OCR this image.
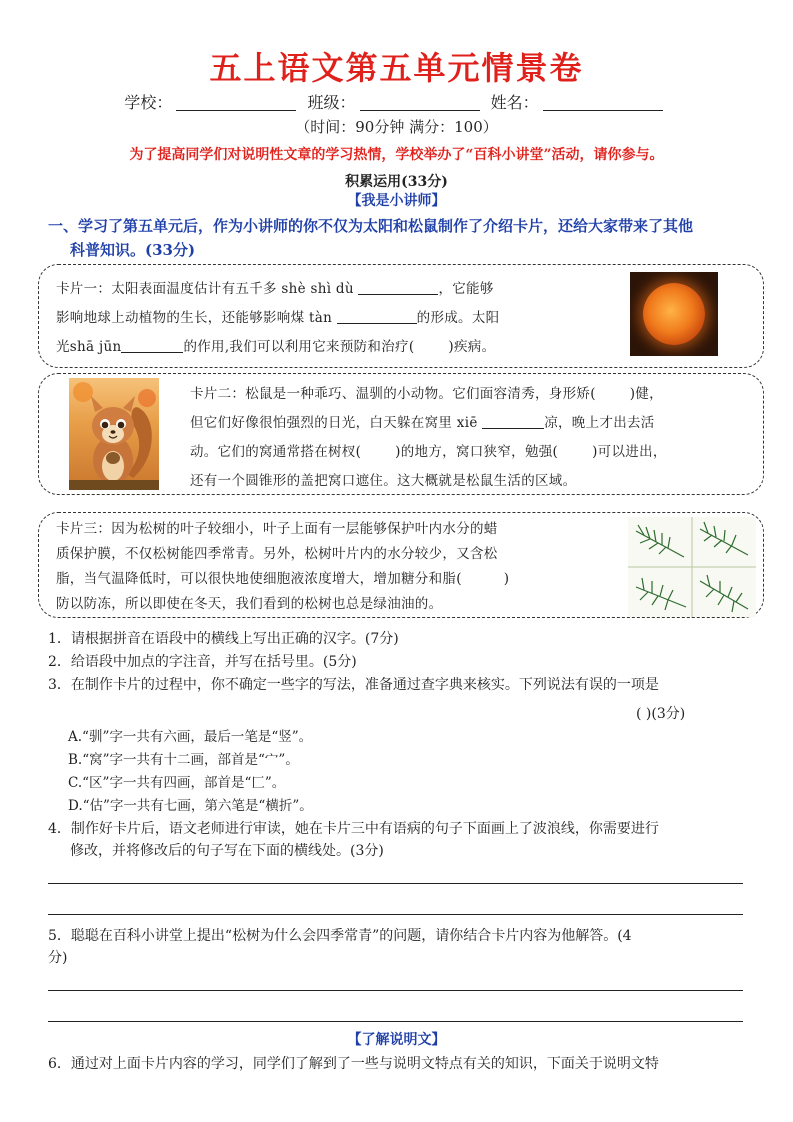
五上语文第五单元情景卷
学校：	班级：	姓名：
（时间：90分钟 满分：100）
为了提高同学们对说明性文章的学习热情，学校举办了“百科小讲堂”活动，请你参与。
积累运用(33分)
【我是小讲师】
一、学习了第五单元后，作为小讲师的你不仅为太阳和松鼠制作了介绍卡片，还给大家带来了其他
科普知识。(33分)
卡片一：太阳表面温度估计有五千多 shè shì dù	，它能够
影响地球上动植物的生长，还能够影响煤 tàn	的形成。太阳
光shā jūn	的作用,我们可以利用它来预防和治疗(	)疾病。
卡片二：松鼠是一种乖巧、温驯的小动物。它们面容清秀，身形矫(	)健，
但它们好像很怕强烈的日光，白天躲在窝里 xiē	凉，晚上才出去活
动。它们的窝通常搭在树杈(	)的地方，窝口狭窄，勉强(	)可以进出，
还有一个圆锥形的盖把窝口遮住。这大概就是松鼠生活的区域。
卡片三：因为松树的叶子较细小，叶子上面有一层能够保护叶内水分的蜡
质保护膜，不仅松树能四季常青。另外，松树叶片内的水分较少，又含松
脂，当气温降低时，可以很快地使细胞液浓度增大，增加糖分和脂(	)
防以防冻，所以即使在冬天，我们看到的松树也总是绿油油的。
1．请根据拼音在语段中的横线上写出正确的汉字。(7分)
2．给语段中加点的字注音，并写在括号里。(5分)
3．在制作卡片的过程中，你不确定一些字的写法，准备通过查字典来核实。下列说法有误的一项是
( )(3分)
A.“驯”字一共有六画，最后一笔是“竖”。
B.“窝”字一共有十二画，部首是“宀”。
C.“区”字一共有四画，部首是“匚”。
D.“估”字一共有七画，第六笔是“横折”。
4．制作好卡片后，语文老师进行审读，她在卡片三中有语病的句子下面画上了波浪线，你需要进行
修改，并将修改后的句子写在下面的横线处。(3分)
5．聪聪在百科小讲堂上提出“松树为什么会四季常青”的问题，请你结合卡片内容为他解答。(4
分)
【了解说明文】
6．通过对上面卡片内容的学习，同学们了解到了一些与说明文特点有关的知识，下面关于说明文特
